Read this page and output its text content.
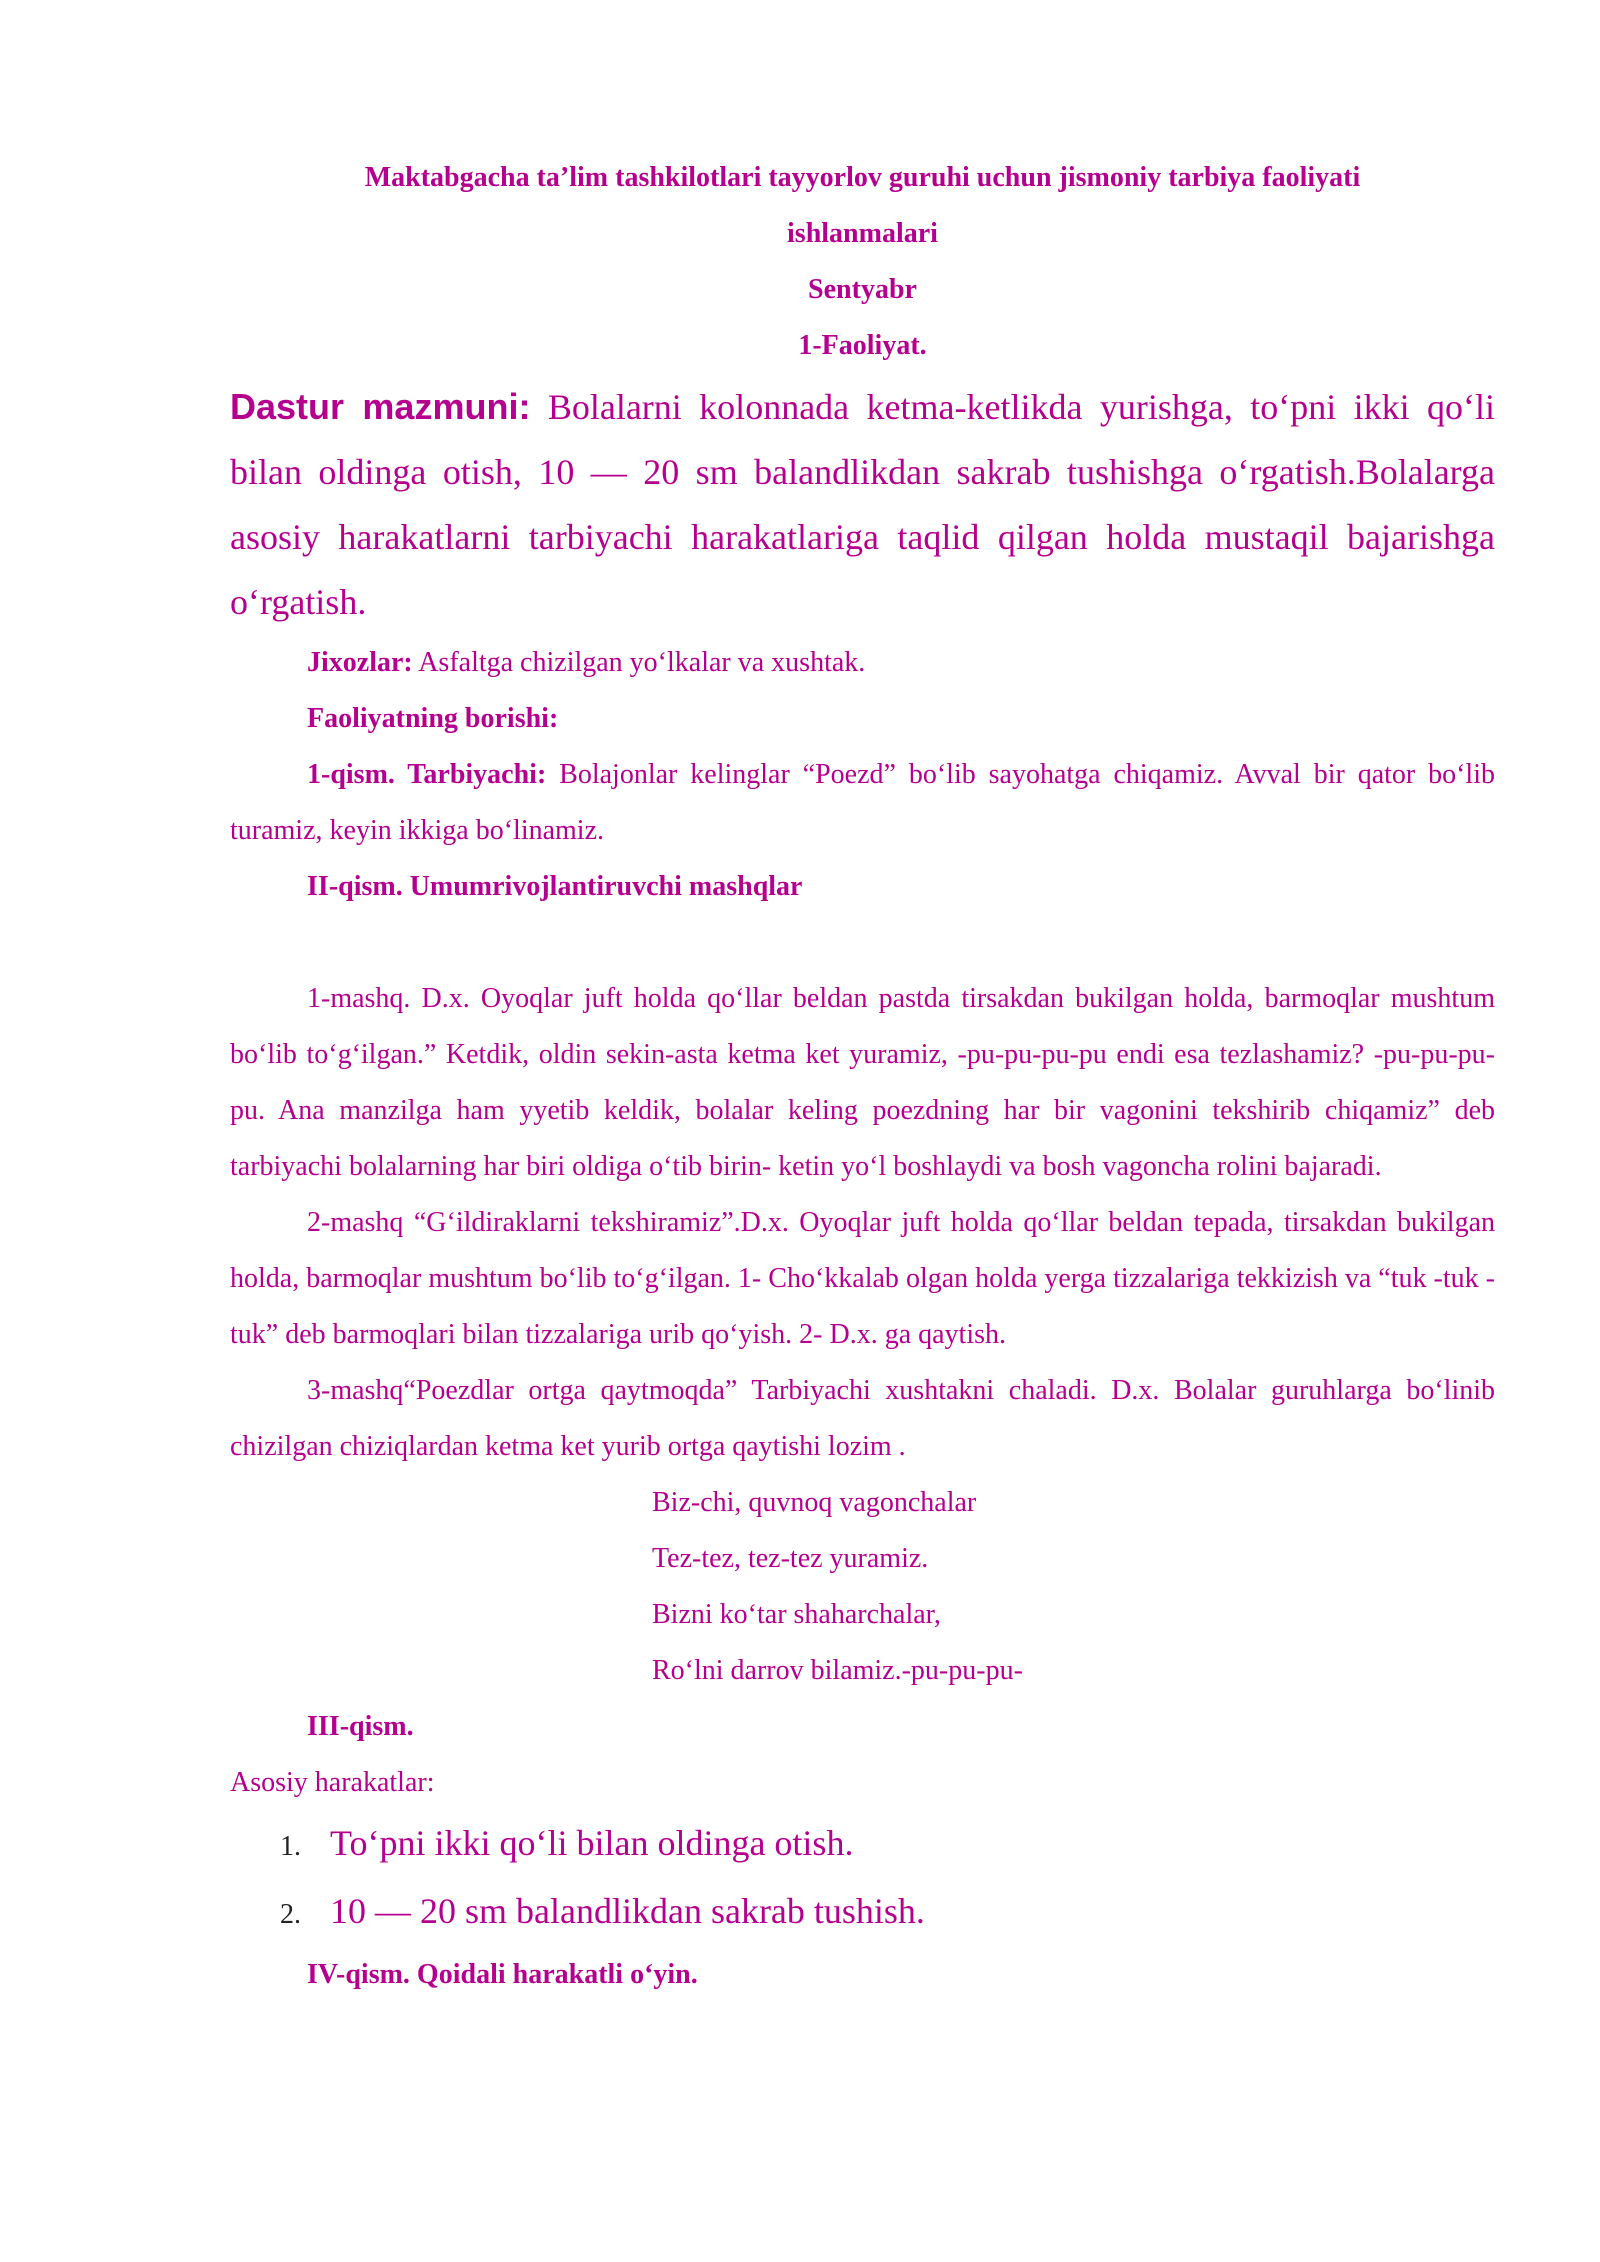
Maktabgacha ta’lim tashkilotlari tayyorlov guruhi uchun jismoniy tarbiya faoliyati
ishlanmalari

Sentyabr

1-Faoliyat.

Dastur mazmuni: Bolalarni kolonnada ketma-ketlikda yurishga, to‘pni ikki qo‘li bilan oldinga otish, 10 — 20 sm balandlikdan sakrab tushishga o‘rgatish.Bolalarga asosiy harakatlarni tarbiyachi harakatlariga taqlid qilgan holda mustaqil bajarishga o‘rgatish.

Jixozlar: Asfaltga chizilgan yo‘lkalar va xushtak.

Faoliyatning borishi:

1-qism. Tarbiyachi: Bolajonlar kelinglar “Poezd” bo‘lib sayohatga chiqamiz. Avval bir qator bo‘lib turamiz, keyin ikkiga bo‘linamiz.

II-qism. Umumrivojlantiruvchi mashqlar

1-mashq. D.x. Oyoqlar juft holda qo‘llar beldan pastda tirsakdan bukilgan holda, barmoqlar mushtum bo‘lib to‘g‘ilgan.” Ketdik, oldin sekin-asta ketma ket yuramiz, -pu-pu-pu-pu endi esa tezlashamiz? -pu-pu-pu-pu. Ana manzilga ham yyetib keldik, bolalar keling poezdning har bir vagonini tekshirib chiqamiz” deb tarbiyachi bolalarning har biri oldiga o‘tib birin- ketin yo‘l boshlaydi va bosh vagoncha rolini bajaradi.

2-mashq “G‘ildiraklarni tekshiramiz”.D.x. Oyoqlar juft holda qo‘llar beldan tepada, tirsakdan bukilgan holda, barmoqlar mushtum bo‘lib to‘g‘ilgan. 1- Cho‘kkalab olgan holda yerga tizzalariga tekkizish va “tuk -tuk -tuk” deb barmoqlari bilan tizzalariga urib qo‘yish. 2- D.x. ga qaytish.

3-mashq“Poezdlar ortga qaytmoqda” Tarbiyachi xushtakni chaladi. D.x. Bolalar guruhlarga bo‘linib chizilgan chiziqlardan ketma ket yurib ortga qaytishi lozim .

Biz-chi, quvnoq vagonchalar

Tez-tez, tez-tez yuramiz.

Bizni ko‘tar shaharchalar,

Ro‘lni darrov bilamiz.-pu-pu-pu-

III-qism.

Asosiy harakatlar:

1. To‘pni ikki qo‘li bilan oldinga otish.
2. 10 — 20 sm balandlikdan sakrab tushish.

IV-qism. Qoidali harakatli o‘yin.
